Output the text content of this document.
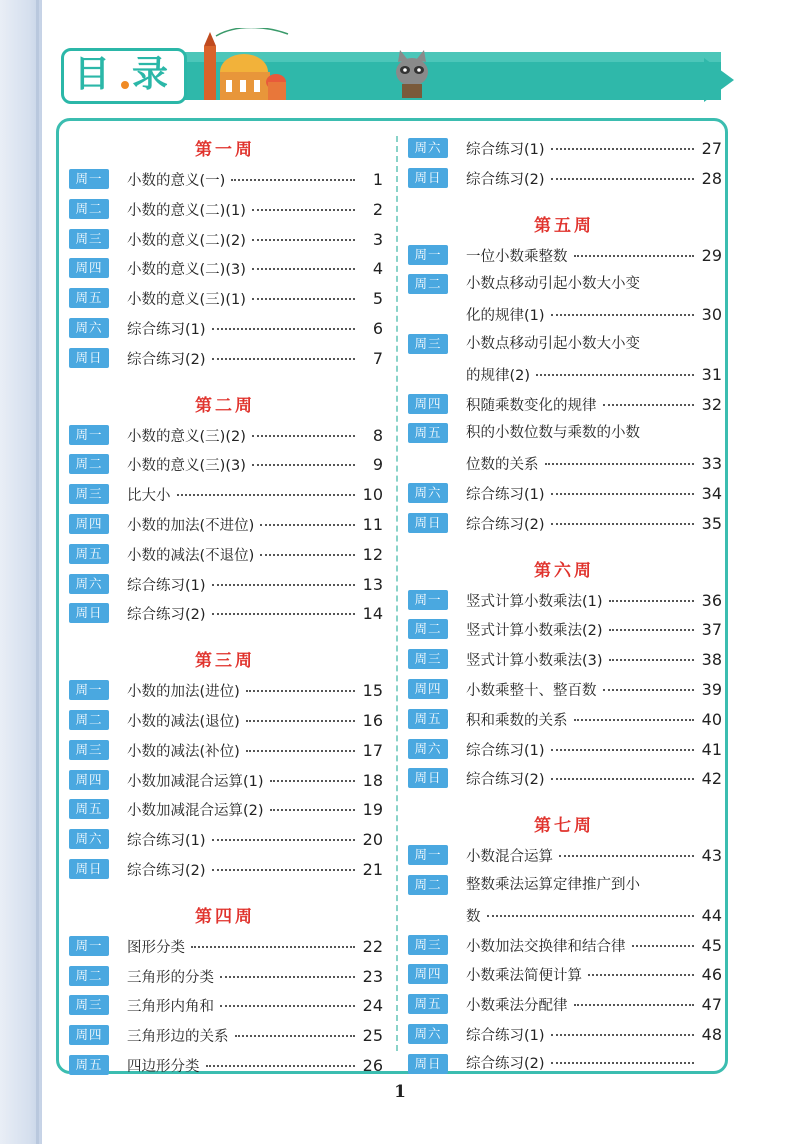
目 录
第一周
周一	小数的意义(一)	1
周二	小数的意义(二)(1)	2
周三	小数的意义(二)(2)	3
周四	小数的意义(二)(3)	4
周五	小数的意义(三)(1)	5
周六	综合练习(1)	6
周日	综合练习(2)	7
第二周
周一	小数的意义(三)(2)	8
周二	小数的意义(三)(3)	9
周三	比大小	10
周四	小数的加法(不进位)	11
周五	小数的减法(不退位)	12
周六	综合练习(1)	13
周日	综合练习(2)	14
第三周
周一	小数的加法(进位)	15
周二	小数的减法(退位)	16
周三	小数的减法(补位)	17
周四	小数加减混合运算(1)	18
周五	小数加减混合运算(2)	19
周六	综合练习(1)	20
周日	综合练习(2)	21
第四周
周一	图形分类	22
周二	三角形的分类	23
周三	三角形内角和	24
周四	三角形边的关系	25
周五	四边形分类	26
周六	综合练习(1)	27
周日	综合练习(2)	28
第五周
周一	一位小数乘整数	29
周二	小数点移动引起小数大小变
化的规律(1)	30
周三	小数点移动引起小数大小变
的规律(2)	31
周四	积随乘数变化的规律	32
周五	积的小数位数与乘数的小数
位数的关系	33
周六	综合练习(1)	34
周日	综合练习(2)	35
第六周
周一	竖式计算小数乘法(1)	36
周二	竖式计算小数乘法(2)	37
周三	竖式计算小数乘法(3)	38
周四	小数乘整十、整百数	39
周五	积和乘数的关系	40
周六	综合练习(1)	41
周日	综合练习(2)	42
第七周
周一	小数混合运算	43
周二	整数乘法运算定律推广到小
数	44
周三	小数加法交换律和结合律	45
周四	小数乘法简便计算	46
周五	小数乘法分配律	47
周六	综合练习(1)	48
周日	综合练习(2)
1
